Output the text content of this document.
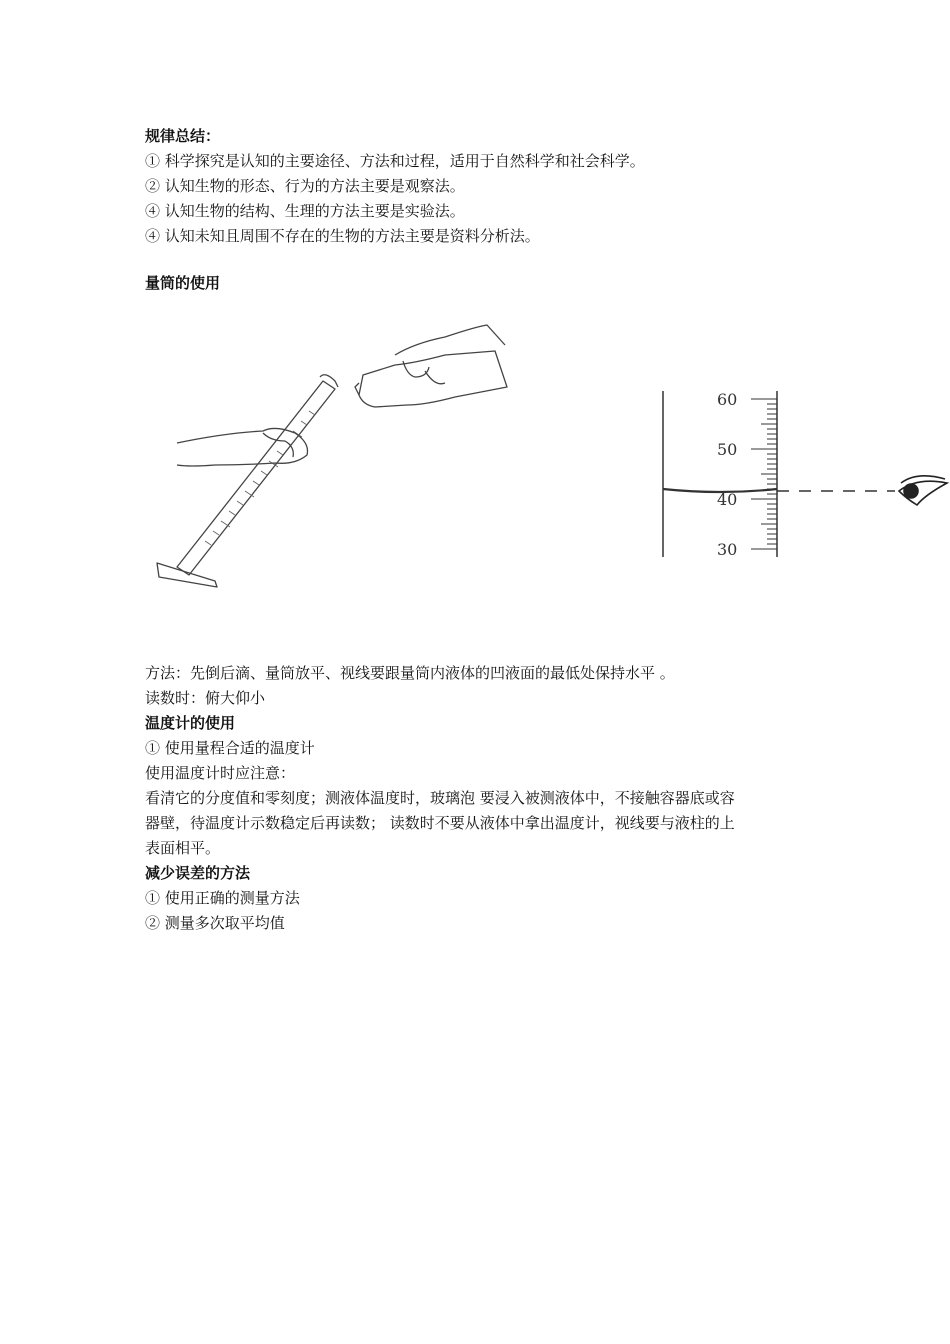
规律总结：
① 科学探究是认知的主要途径、方法和过程，适用于自然科学和社会科学。
② 认知生物的形态、行为的方法主要是观察法。
④ 认知生物的结构、生理的方法主要是实验法。
④ 认知未知且周围不存在的生物的方法主要是资料分析法。
量筒的使用
60
50
40
30
方法：先倒后滴、量筒放平、视线要跟量筒内液体的凹液面的最低处保持水平 。
读数时：俯大仰小
温度计的使用
① 使用量程合适的温度计
使用温度计时应注意：
看清它的分度值和零刻度；测液体温度时，玻璃泡 要浸入被测液体中，不接触容器底或容
器壁，待温度计示数稳定后再读数； 读数时不要从液体中拿出温度计，视线要与液柱的上
表面相平。
减少误差的方法
① 使用正确的测量方法
② 测量多次取平均值
